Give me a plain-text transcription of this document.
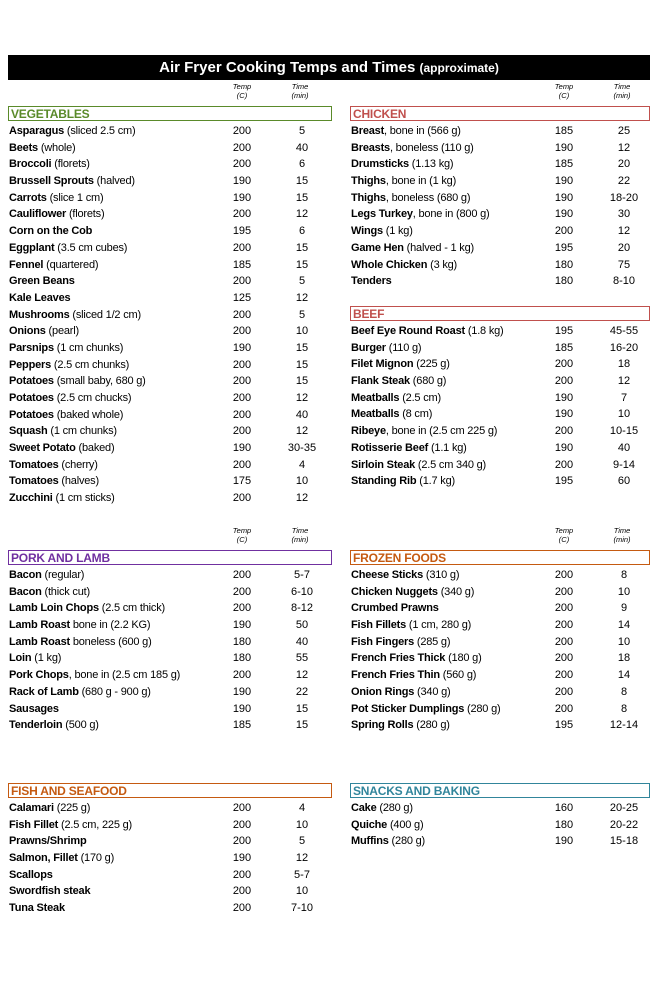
Air Fryer Cooking Temps and Times (approximate)
Temp
(C)
Time
(min)
Temp
(C)
Time
(min)
Temp
(C)
Time
(min)
Temp
(C)
Time
(min)
VEGETABLES
Asparagus (sliced 2.5 cm)	200	5
Beets (whole)	200	40
Broccoli (florets)	200	6
Brussell Sprouts (halved)	190	15
Carrots (slice 1 cm)	190	15
Cauliflower (florets)	200	12
Corn on the Cob	195	6
Eggplant (3.5 cm cubes)	200	15
Fennel (quartered)	185	15
Green Beans	200	5
Kale Leaves	125	12
Mushrooms (sliced 1/2 cm)	200	5
Onions (pearl)	200	10
Parsnips (1 cm chunks)	190	15
Peppers (2.5 cm chunks)	200	15
Potatoes (small baby, 680 g)	200	15
Potatoes (2.5 cm chucks)	200	12
Potatoes (baked whole)	200	40
Squash (1 cm chunks)	200	12
Sweet Potato (baked)	190	30-35
Tomatoes (cherry)	200	4
Tomatoes (halves)	175	10
Zucchini (1 cm sticks)	200	12
CHICKEN
Breast, bone in (566 g)	185	25
Breasts, boneless (110 g)	190	12
Drumsticks (1.13 kg)	185	20
Thighs, bone in (1 kg)	190	22
Thighs, boneless (680 g)	190	18-20
Legs Turkey, bone in (800 g)	190	30
Wings (1 kg)	200	12
Game Hen (halved - 1 kg)	195	20
Whole Chicken (3 kg)	180	75
Tenders	180	8-10
BEEF
Beef Eye Round Roast (1.8 kg)	195	45-55
Burger (110 g)	185	16-20
Filet Mignon (225 g)	200	18
Flank Steak (680 g)	200	12
Meatballs (2.5 cm)	190	7
Meatballs (8 cm)	190	10
Ribeye, bone in (2.5 cm 225 g)	200	10-15
Rotisserie Beef (1.1 kg)	190	40
Sirloin Steak (2.5 cm 340 g)	200	9-14
Standing Rib (1.7 kg)	195	60
PORK AND LAMB
Bacon (regular)	200	5-7
Bacon (thick cut)	200	6-10
Lamb Loin Chops (2.5 cm thick)	200	8-12
Lamb Roast bone in (2.2 KG)	190	50
Lamb Roast boneless (600 g)	180	40
Loin (1 kg)	180	55
Pork Chops, bone in (2.5 cm 185 g)	200	12
Rack of Lamb (680 g - 900 g)	190	22
Sausages	190	15
Tenderloin (500 g)	185	15
FROZEN FOODS
Cheese Sticks (310 g)	200	8
Chicken Nuggets (340 g)	200	10
Crumbed Prawns	200	9
Fish Fillets (1 cm, 280 g)	200	14
Fish Fingers (285 g)	200	10
French Fries Thick (180 g)	200	18
French Fries Thin (560 g)	200	14
Onion Rings (340 g)	200	8
Pot Sticker Dumplings (280 g)	200	8
Spring Rolls (280 g)	195	12-14
FISH AND SEAFOOD
Calamari (225 g)	200	4
Fish Fillet (2.5 cm, 225 g)	200	10
Prawns/Shrimp	200	5
Salmon, Fillet (170 g)	190	12
Scallops	200	5-7
Swordfish steak	200	10
Tuna Steak	200	7-10
SNACKS AND BAKING
Cake (280 g)	160	20-25
Quiche (400 g)	180	20-22
Muffins (280 g)	190	15-18
